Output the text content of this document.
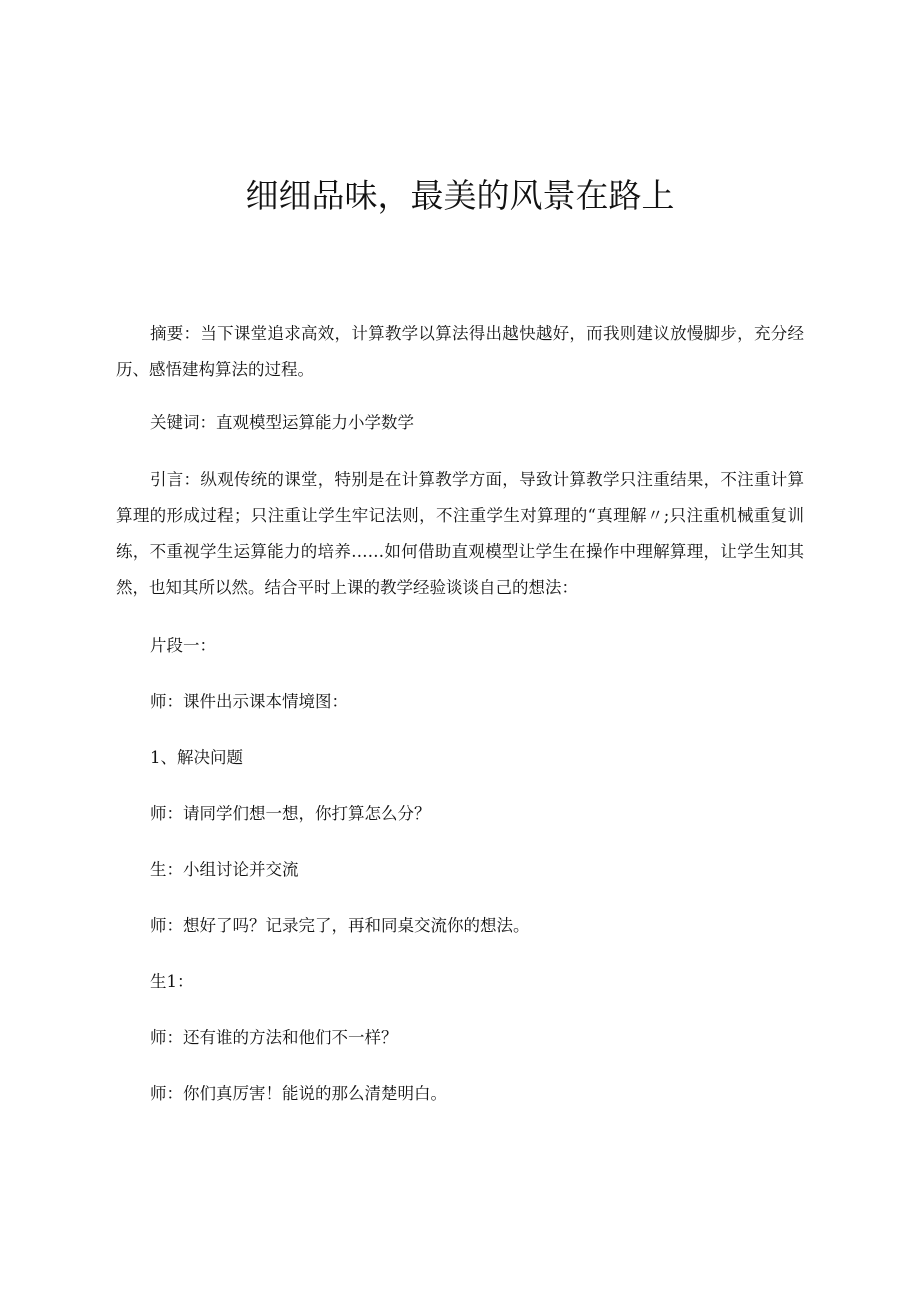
细细品味，最美的风景在路上

摘要：当下课堂追求高效，计算教学以算法得出越快越好，而我则建议放慢脚步，充分经历、感悟建构算法的过程。

关键词：直观模型运算能力小学数学

引言：纵观传统的课堂，特别是在计算教学方面，导致计算教学只注重结果，不注重计算算理的形成过程；只注重让学生牢记法则，不注重学生对算理的“真理解〃;只注重机械重复训练，不重视学生运算能力的培养……如何借助直观模型让学生在操作中理解算理，让学生知其然，也知其所以然。结合平时上课的教学经验谈谈自己的想法：

片段一：

师：课件出示课本情境图：

1、解决问题

师：请同学们想一想，你打算怎么分？

生：小组讨论并交流

师：想好了吗？记录完了，再和同桌交流你的想法。

生1：

师：还有谁的方法和他们不一样？

师：你们真厉害！能说的那么清楚明白。
